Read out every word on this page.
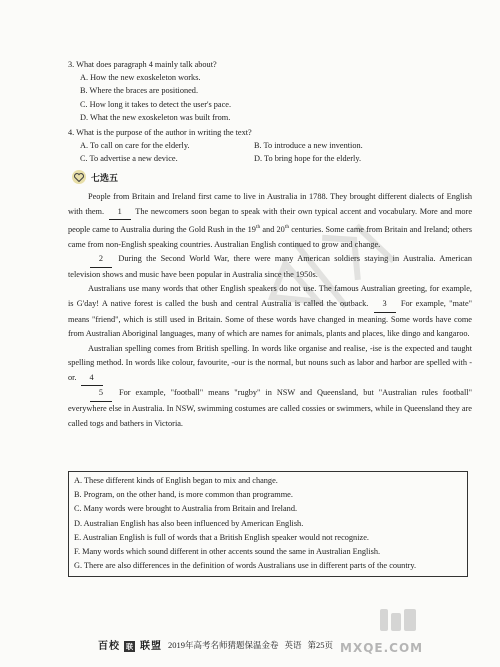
3. What does paragraph 4 mainly talk about?
A. How the new exoskeleton works.
B. Where the braces are positioned.
C. How long it takes to detect the user's pace.
D. What the new exoskeleton was built from.
4. What is the purpose of the author in writing the text?
A. To call on care for the elderly.	B. To introduce a new invention.
C. To advertise a new device.	D. To bring hope for the elderly.
七选五

People from Britain and Ireland first came to live in Australia in 1788. They brought different dialects of English with them. 1 The newcomers soon began to speak with their own typical accent and vocabulary. More and more people came to Australia during the Gold Rush in the 19th and 20th centuries. Some came from Britain and Ireland; others came from non-English speaking countries. Australian English continued to grow and change.

2 During the Second World War, there were many American soldiers staying in Australia. American television shows and music have been popular in Australia since the 1950s.

Australians use many words that other English speakers do not use. The famous Australian greeting, for example, is G'day! A native forest is called the bush and central Australia is called the outback. 3 For example, "mate" means "friend", which is still used in Britain. Some of these words have changed in meaning. Some words have come from Australian Aboriginal languages, many of which are names for animals, plants and places, like dingo and kangaroo.

Australian spelling comes from British spelling. In words like organise and realise, -ise is the expected and taught spelling method. In words like colour, favourite, -our is the normal, but nouns such as labor and harbor are spelled with -or. 4

5 For example, "football" means "rugby" in NSW and Queensland, but "Australian rules football" everywhere else in Australia. In NSW, swimming costumes are called cossies or swimmers, while in Queensland they are called togs and bathers in Victoria.

A. These different kinds of English began to mix and change.
B. Program, on the other hand, is more common than programme.
C. Many words were brought to Australia from Britain and Ireland.
D. Australian English has also been influenced by American English.
E. Australian English is full of words that a British English speaker would not recognize.
F. Many words which sound different in other accents sound the same in Australian English.
G. There are also differences in the definition of words Australians use in different parts of the country.
百校 联 联盟 2019年高考名师猜题保温金卷 英语 第25页 MXQE.COM
